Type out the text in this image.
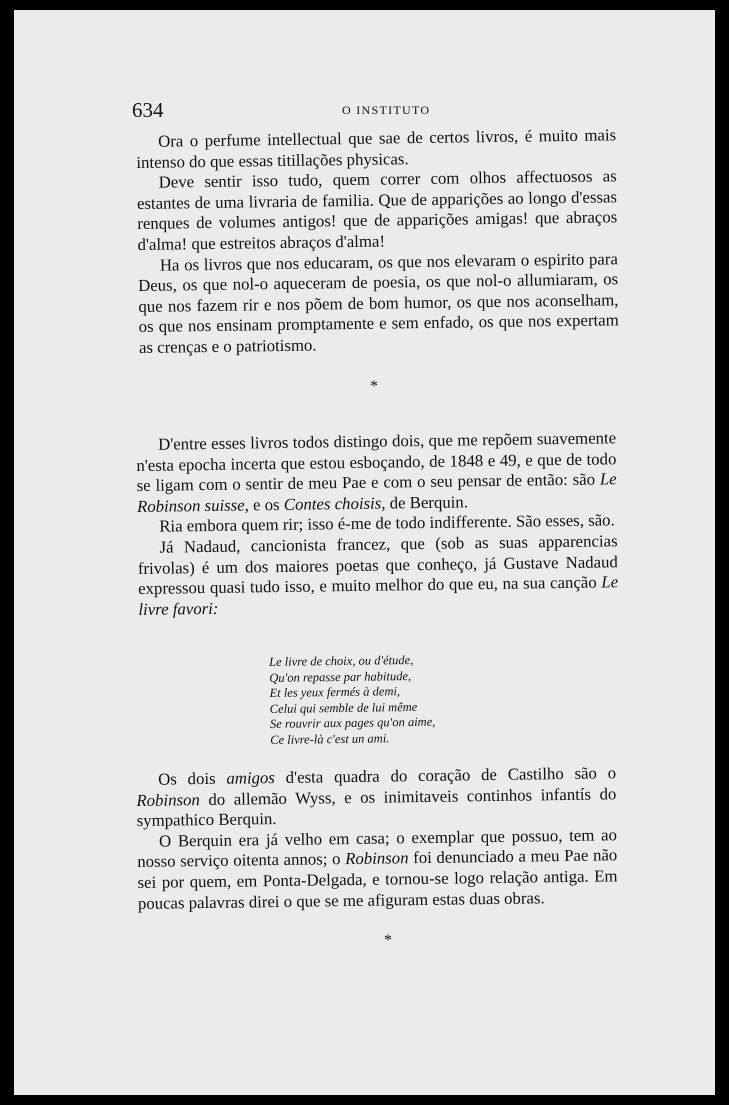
634	O INSTITUTO

Ora o perfume intellectual que sae de certos livros, é muito mais intenso do que essas titillações physicas.

Deve sentir isso tudo, quem correr com olhos affectuosos as estantes de uma livraria de familia. Que de apparições ao longo d'essas renques de volumes antigos! que de apparições amigas! que abraços d'alma! que estreitos abraços d'alma!

Ha os livros que nos educaram, os que nos elevaram o espirito para Deus, os que nol-o aqueceram de poesia, os que nol-o allumiaram, os que nos fazem rir e nos põem de bom humor, os que nos aconselham, os que nos ensinam promptamente e sem enfado, os que nos expertam as crenças e o patriotismo.

*

D'entre esses livros todos distingo dois, que me repõem suavemente n'esta epocha incerta que estou esboçando, de 1848 e 49, e que de todo se ligam com o sentir de meu Pae e com o seu pensar de então: são Le Robinson suisse, e os Contes choisis, de Berquin.

Ria embora quem rir; isso é-me de todo indifferente. São esses, são.

Já Nadaud, cancionista francez, que (sob as suas apparencias frivolas) é um dos maiores poetas que conheço, já Gustave Nadaud expressou quasi tudo isso, e muito melhor do que eu, na sua canção Le livre favori:

Le livre de choix, ou d'étude,
Qu'on repasse par habitude,
Et les yeux fermés à demi,
Celui qui semble de lui même
Se rouvrir aux pages qu'on aime,
Ce livre-là c'est un ami.

Os dois amigos d'esta quadra do coração de Castilho são o Robinson do allemão Wyss, e os inimitaveis continhos infantís do sympathico Berquin.

O Berquin era já velho em casa; o exemplar que possuo, tem ao nosso serviço oitenta annos; o Robinson foi denunciado a meu Pae não sei por quem, em Ponta-Delgada, e tornou-se logo relação antiga. Em poucas palavras direi o que se me afiguram estas duas obras.

*
